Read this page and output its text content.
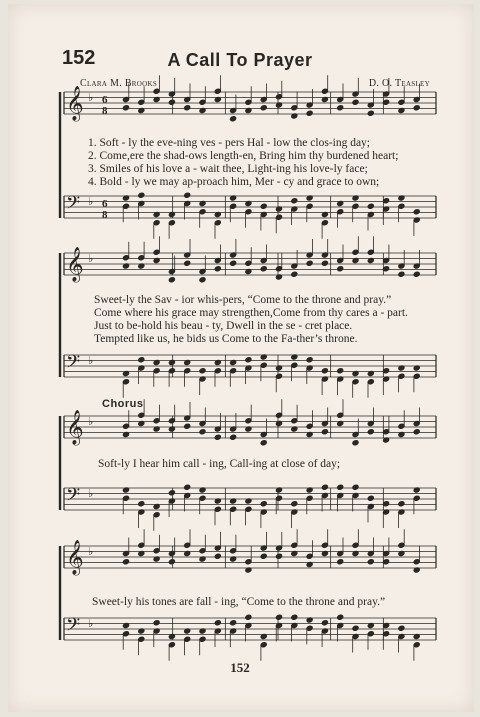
152	A Call To Prayer
Clara M. Brooks	D. O. Teasley
𝄞 ♭ 6
8
𝄢 ♭ 6
8
𝄞 ♭
𝄢 ♭
𝄞 ♭
𝄢 ♭
𝄞 ♭
𝄢 ♭
1. Soft - ly the eve-ning ves - pers Hal - low the clos-ing day;
2. Come,ere the shad-ows length-en, Bring him thy burdened heart;
3. Smiles of his love a - wait thee, Light-ing his love-ly face;
4. Bold - ly we may ap-proach him, Mer - cy and grace to own;
Sweet-ly the Sav - ior whis-pers, “Come to the throne and pray.”
Come where his grace may strengthen,Come from thy cares a - part.
Just to be-hold his beau - ty, Dwell in the se - cret place.
Tempted like us, he bids us Come to the Fa-ther’s throne.
Chorus
Soft-ly I hear him call - ing, Call-ing at close of day;
Sweet-ly his tones are fall - ing, “Come to the throne and pray.”
152
